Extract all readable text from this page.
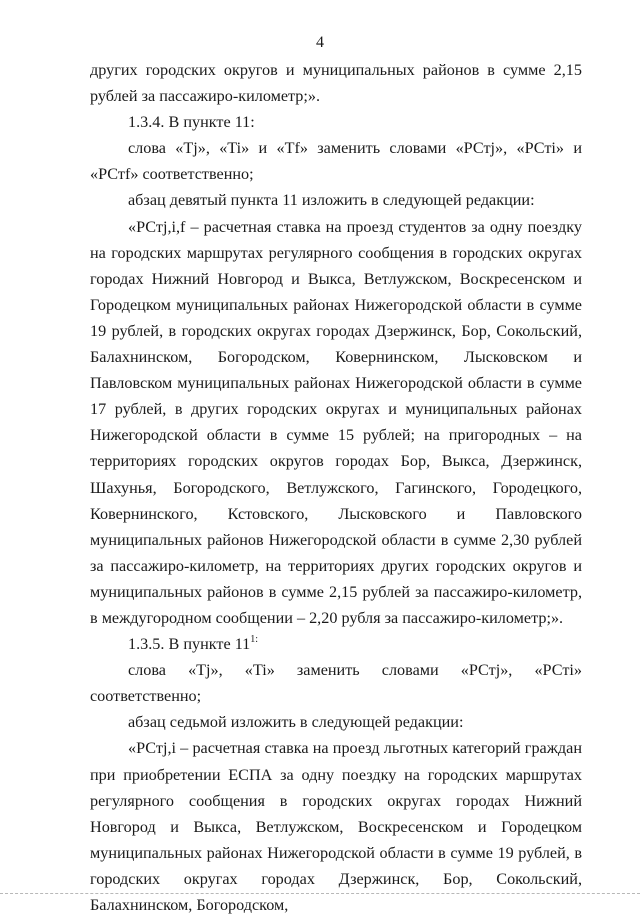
4

других городских округов и муниципальных районов в сумме 2,15 рублей за пассажиро-километр;».

1.3.4. В пункте 11:

слова «Tj», «Ti» и «Tf» заменить словами «РСтj», «РСтi» и «РСтf» соответственно;

абзац девятый пункта 11 изложить в следующей редакции:

«РСтj,i,f – расчетная ставка на проезд студентов за одну поездку на городских маршрутах регулярного сообщения в городских округах городах Нижний Новгород и Выкса, Ветлужском, Воскресенском и Городецком муниципальных районах Нижегородской области в сумме 19 рублей, в городских округах городах Дзержинск, Бор, Сокольский, Балахнинском, Богородском, Ковернинском, Лысковском и Павловском муниципальных районах Нижегородской области в сумме 17 рублей, в других городских округах и муниципальных районах Нижегородской области в сумме 15 рублей; на пригородных – на территориях городских округов городах Бор, Выкса, Дзержинск, Шахунья, Богородского, Ветлужского, Гагинского, Городецкого, Ковернинского, Кстовского, Лысковского и Павловского муниципальных районов Нижегородской области в сумме 2,30 рублей за пассажиро-километр, на территориях других городских округов и муниципальных районов в сумме 2,15 рублей за пассажиро-километр, в междугородном сообщении – 2,20 рубля за пассажиро-километр;».

1.3.5. В пункте $11^{1:}$

слова «Tj», «Ti» заменить словами «РСтj», «РСтi» соответственно;

абзац седьмой изложить в следующей редакции:

«РСтj,i – расчетная ставка на проезд льготных категорий граждан при приобретении ЕСПА за одну поездку на городских маршрутах регулярного сообщения в городских округах городах Нижний Новгород и Выкса, Ветлужском, Воскресенском и Городецком муниципальных районах Нижегородской области в сумме 19 рублей, в городских округах городах Дзержинск, Бор, Сокольский, Балахнинском, Богородском,
